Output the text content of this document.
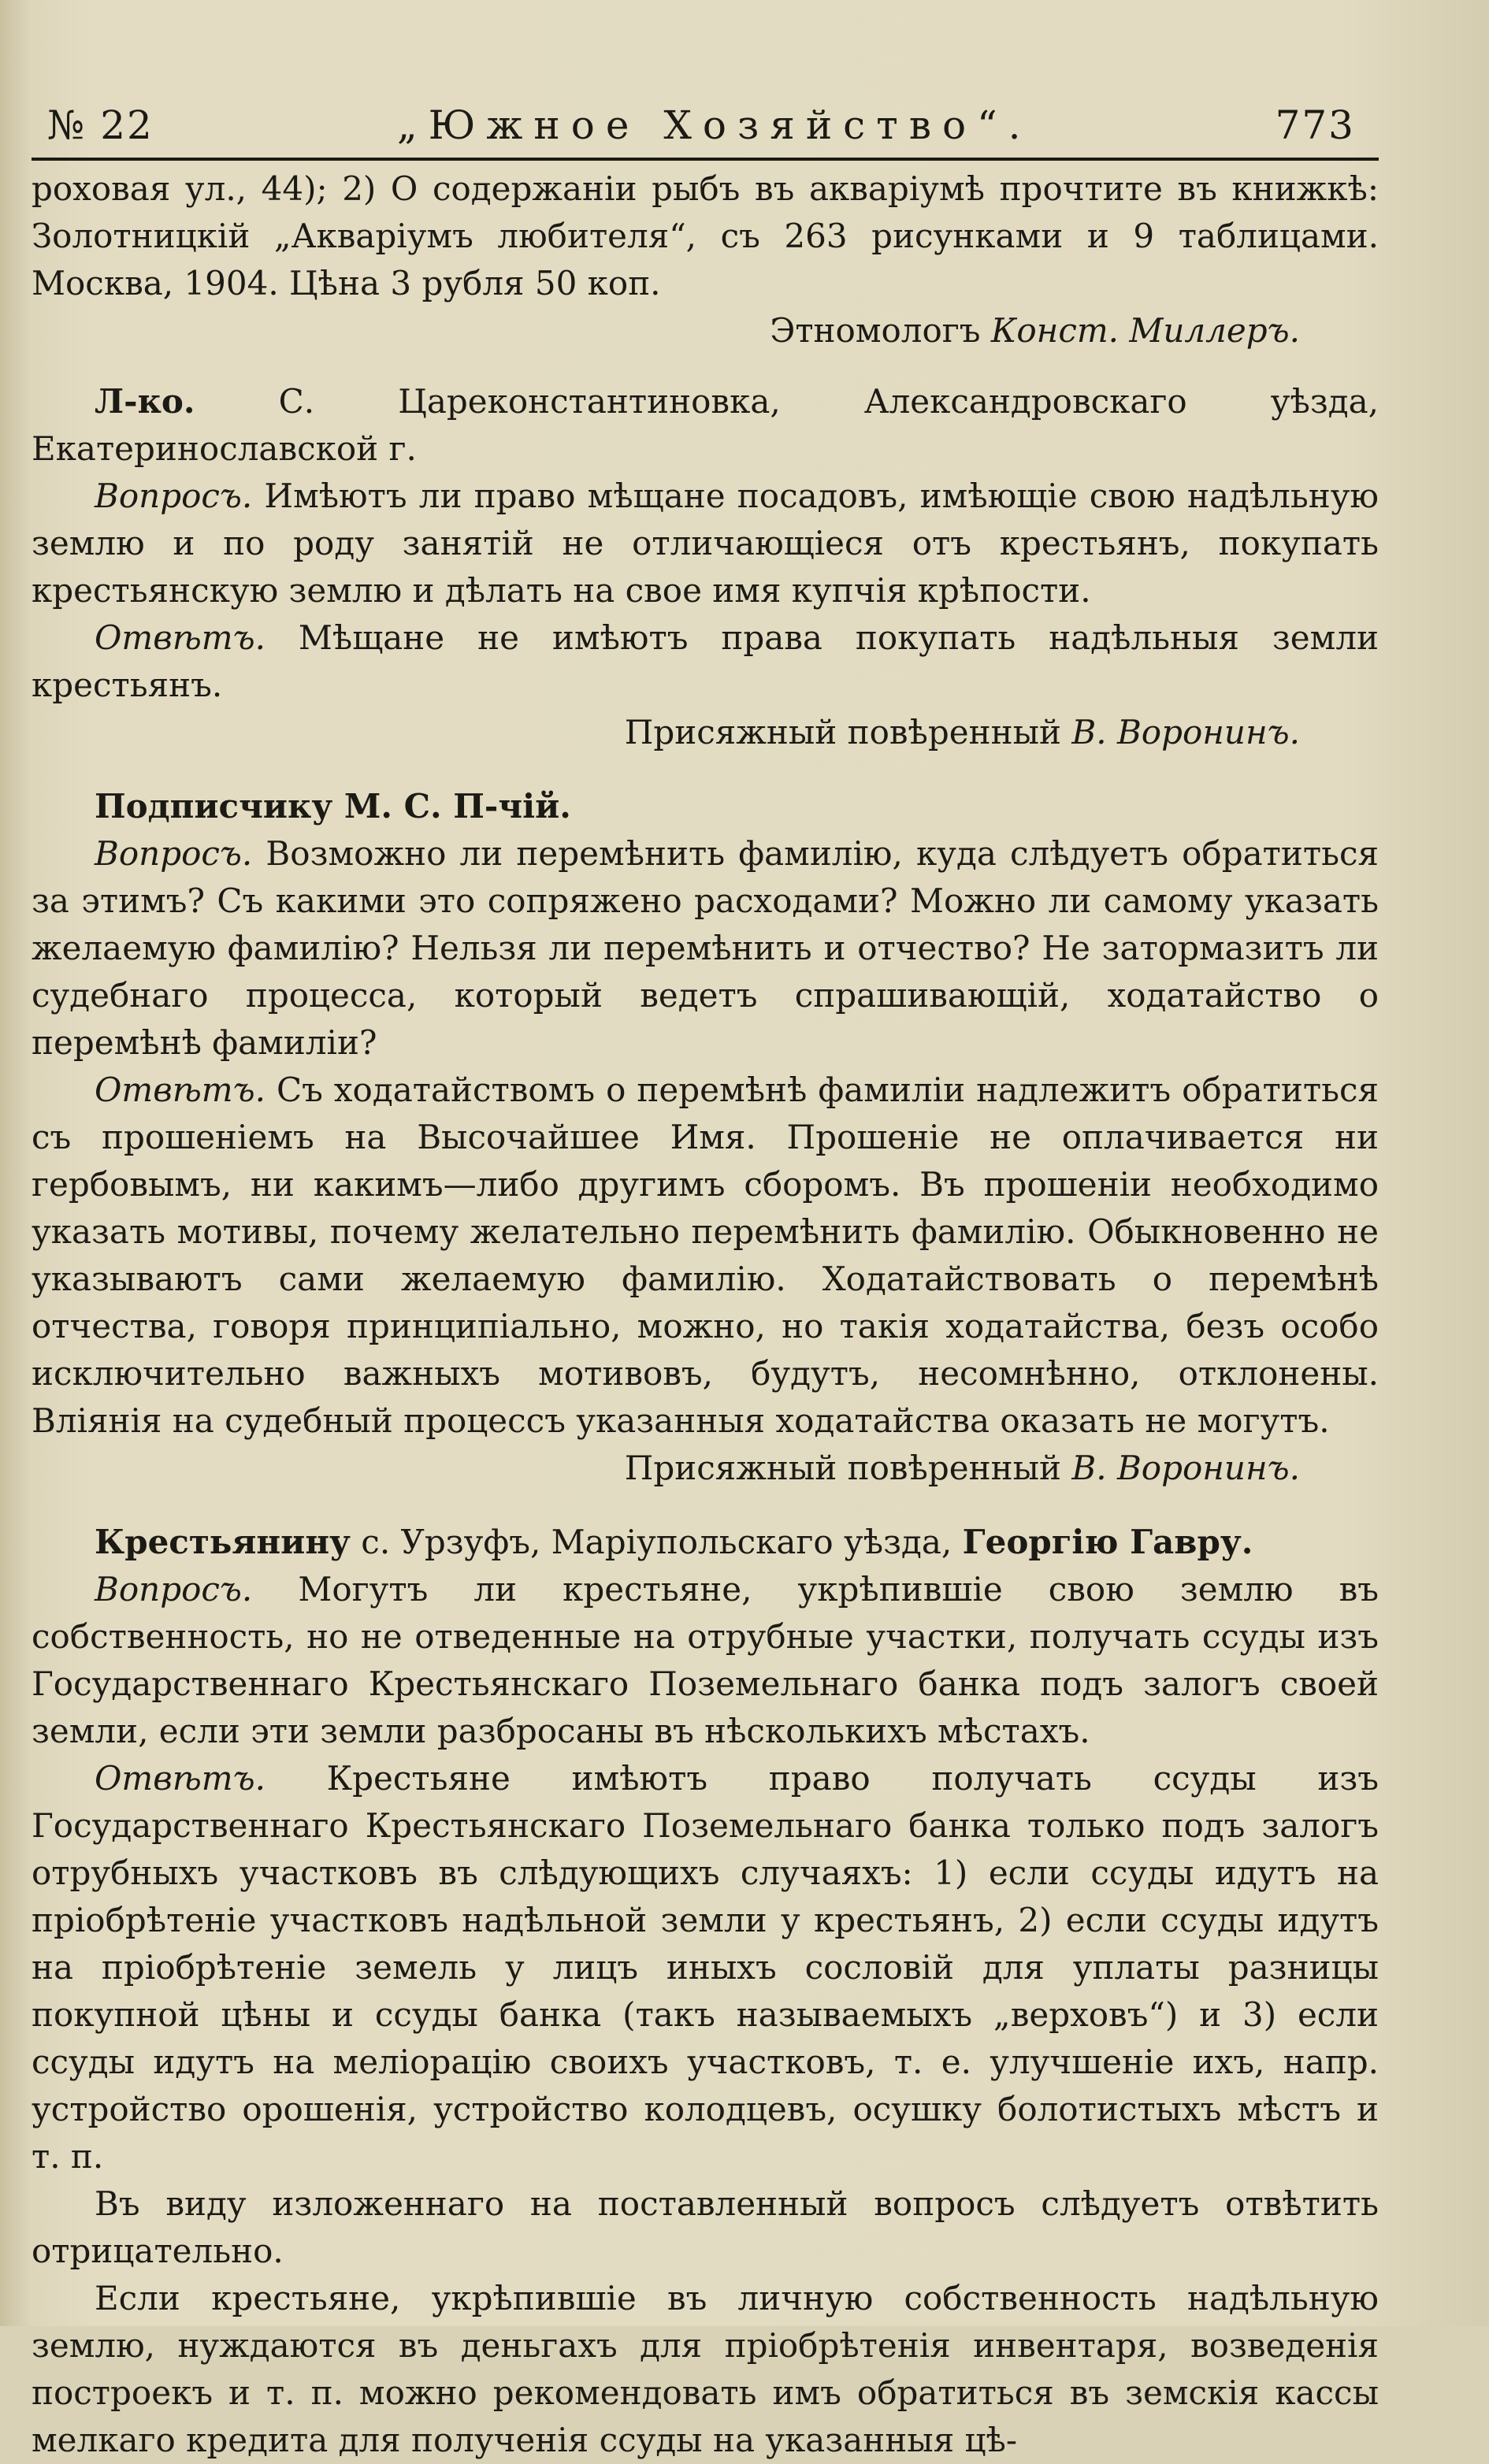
№ 22	„Южное Хозяйство“.	773

роховая ул., 44); 2) О содержанiи рыбъ въ акварiумѣ прочтите въ книжкѣ: Золотницкiй „Акварiумъ любителя“, съ 263 рисунками и 9 таблицами. Москва, 1904. Цѣна 3 рубля 50 коп.

Этномологъ Конст. Миллеръ.

Л-ко. С. Цареконстантиновка, Александровскаго уѣзда, Екатеринославской г.

Вопросъ. Имѣютъ ли право мѣщане посадовъ, имѣющiе свою надѣльную землю и по роду занятiй не отличающiеся отъ крестьянъ, покупать крестьянскую землю и дѣлать на свое имя купчiя крѣпости.

Отвѣтъ. Мѣщане не имѣютъ права покупать надѣльныя земли крестьянъ.

Присяжный повѣренный В. Воронинъ.

Подписчику М. С. П-чiй.

Вопросъ. Возможно ли перемѣнить фамилiю, куда слѣдуетъ обратиться за этимъ? Съ какими это сопряжено расходами? Можно ли самому указать желаемую фамилiю? Нельзя ли перемѣнить и отчество? Не затормазитъ ли судебнаго процесса, который ведетъ спрашивающiй, ходатайство о перемѣнѣ фамилiи?

Отвѣтъ. Съ ходатайствомъ о перемѣнѣ фамилiи надлежитъ обратиться съ прошенiемъ на Высочайшее Имя. Прошенiе не оплачивается ни гербовымъ, ни какимъ—либо другимъ сборомъ. Въ прошенiи необходимо указать мотивы, почему желательно перемѣнить фамилiю. Обыкновенно не указываютъ сами желаемую фамилiю. Ходатайствовать о перемѣнѣ отчества, говоря принципiально, можно, но такiя ходатайства, безъ особо исключительно важныхъ мотивовъ, будутъ, несомнѣнно, отклонены. Влiянiя на судебный процессъ указанныя ходатайства оказать не могутъ.

Присяжный повѣренный В. Воронинъ.

Крестьянину с. Урзуфъ, Марiупольскаго уѣзда, Георгiю Гавру.

Вопросъ. Могутъ ли крестьяне, укрѣпившiе свою землю въ собственность, но не отведенные на отрубные участки, получать ссуды изъ Государственнаго Крестьянскаго Поземельнаго банка подъ залогъ своей земли, если эти земли разбросаны въ нѣсколькихъ мѣстахъ.

Отвѣтъ. Крестьяне имѣютъ право получать ссуды изъ Государственнаго Крестьянскаго Поземельнаго банка только подъ залогъ отрубныхъ участковъ въ слѣдующихъ случаяхъ: 1) если ссуды идутъ на прiобрѣтенiе участковъ надѣльной земли у крестьянъ, 2) если ссуды идутъ на прiобрѣтенiе земель у лицъ иныхъ сословiй для уплаты разницы покупной цѣны и ссуды банка (такъ называемыхъ „верховъ“) и 3) если ссуды идутъ на мелiорацiю своихъ участковъ, т. е. улучшенiе ихъ, напр. устройство орошенiя, устройство колодцевъ, осушку болотистыхъ мѣстъ и т. п.

Въ виду изложеннаго на поставленный вопросъ слѣдуетъ отвѣтить отрицательно.

Если крестьяне, укрѣпившiе въ личную собственность надѣльную землю, нуждаются въ деньгахъ для прiобрѣтенiя инвентаря, возведенiя построекъ и т. п. можно рекомендовать имъ обратиться въ земскiя кассы мелкаго кредита для полученiя ссуды на указанныя цѣ-
